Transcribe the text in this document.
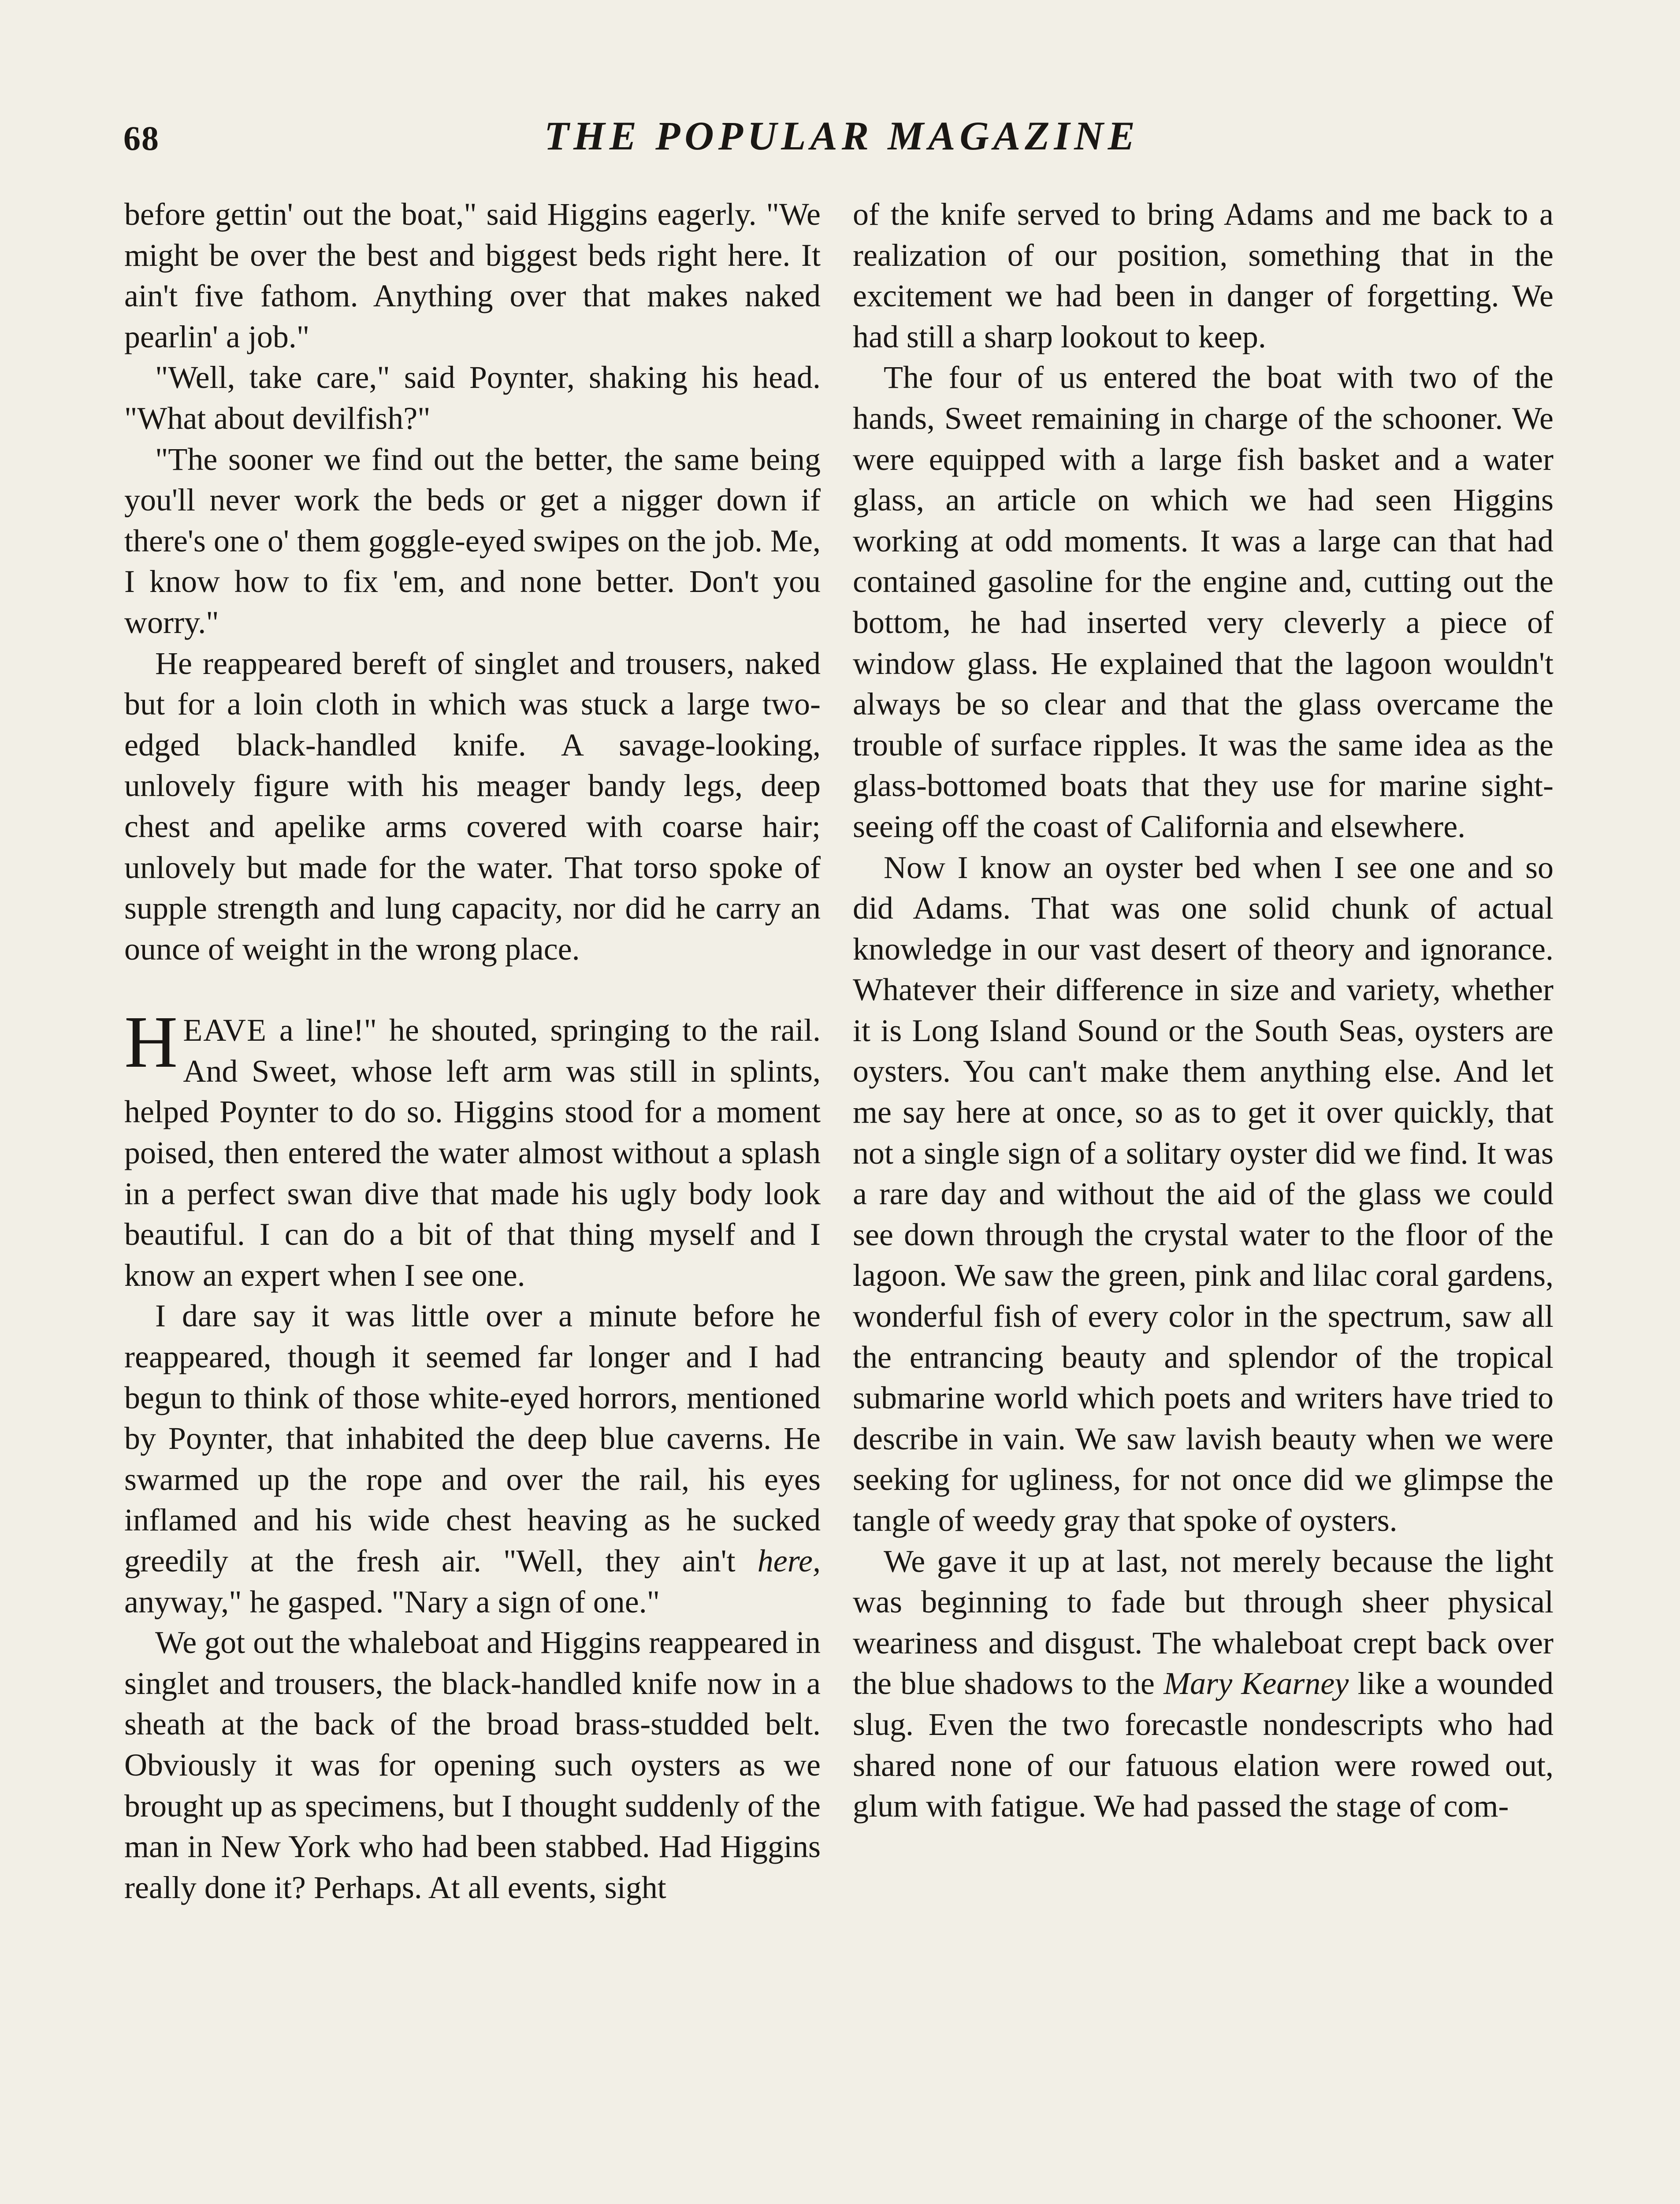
68	THE POPULAR MAGAZINE

before gettin' out the boat," said Higgins eagerly. "We might be over the best and biggest beds right here. It ain't five fathom. Anything over that makes naked pearlin' a job."

"Well, take care," said Poynter, shaking his head. "What about devilfish?"

"The sooner we find out the better, the same being you'll never work the beds or get a nigger down if there's one o' them goggle-eyed swipes on the job. Me, I know how to fix 'em, and none better. Don't you worry."

He reappeared bereft of singlet and trousers, naked but for a loin cloth in which was stuck a large two-edged black-handled knife. A savage-looking, unlovely figure with his meager bandy legs, deep chest and apelike arms covered with coarse hair; unlovely but made for the water. That torso spoke of supple strength and lung capacity, nor did he carry an ounce of weight in the wrong place.

HEAVE a line!" he shouted, springing to the rail. And Sweet, whose left arm was still in splints, helped Poynter to do so. Higgins stood for a moment poised, then entered the water almost without a splash in a perfect swan dive that made his ugly body look beautiful. I can do a bit of that thing myself and I know an expert when I see one.

I dare say it was little over a minute before he reappeared, though it seemed far longer and I had begun to think of those white-eyed horrors, mentioned by Poynter, that inhabited the deep blue caverns. He swarmed up the rope and over the rail, his eyes inflamed and his wide chest heaving as he sucked greedily at the fresh air. "Well, they ain't here, anyway," he gasped. "Nary a sign of one."

We got out the whaleboat and Higgins reappeared in singlet and trousers, the black-handled knife now in a sheath at the back of the broad brass-studded belt. Obviously it was for opening such oysters as we brought up as specimens, but I thought suddenly of the man in New York who had been stabbed. Had Higgins really done it? Perhaps. At all events, sight

of the knife served to bring Adams and me back to a realization of our position, something that in the excitement we had been in danger of forgetting. We had still a sharp lookout to keep.

The four of us entered the boat with two of the hands, Sweet remaining in charge of the schooner. We were equipped with a large fish basket and a water glass, an article on which we had seen Higgins working at odd moments. It was a large can that had contained gasoline for the engine and, cutting out the bottom, he had inserted very cleverly a piece of window glass. He explained that the lagoon wouldn't always be so clear and that the glass overcame the trouble of surface ripples. It was the same idea as the glass-bottomed boats that they use for marine sight-seeing off the coast of California and elsewhere.

Now I know an oyster bed when I see one and so did Adams. That was one solid chunk of actual knowledge in our vast desert of theory and ignorance. Whatever their difference in size and variety, whether it is Long Island Sound or the South Seas, oysters are oysters. You can't make them anything else. And let me say here at once, so as to get it over quickly, that not a single sign of a solitary oyster did we find. It was a rare day and without the aid of the glass we could see down through the crystal water to the floor of the lagoon. We saw the green, pink and lilac coral gardens, wonderful fish of every color in the spectrum, saw all the entrancing beauty and splendor of the tropical submarine world which poets and writers have tried to describe in vain. We saw lavish beauty when we were seeking for ugliness, for not once did we glimpse the tangle of weedy gray that spoke of oysters.

We gave it up at last, not merely because the light was beginning to fade but through sheer physical weariness and disgust. The whaleboat crept back over the blue shadows to the Mary Kearney like a wounded slug. Even the two forecastle nondescripts who had shared none of our fatuous elation were rowed out, glum with fatigue. We had passed the stage of com-
